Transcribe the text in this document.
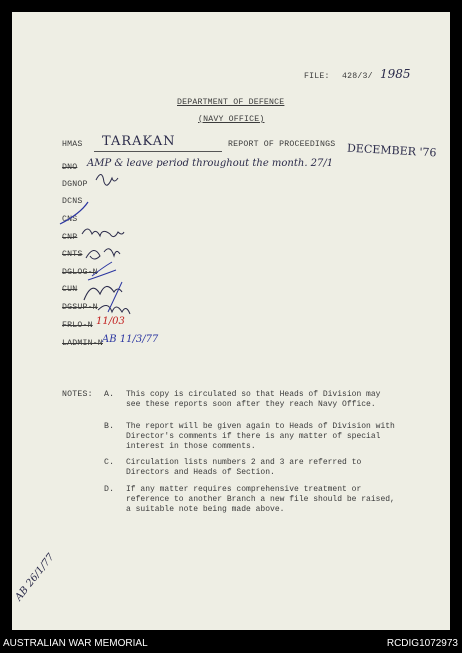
FILE: 428/3/ 1985
DEPARTMENT OF DEFENCE
(NAVY OFFICE)
HMAS TARAKAN	REPORT OF PROCEEDINGS DECEMBER '76
DNO AMP & leave period throughout the month. 27/1
DGNOP
DCNS
CNS
CNP
CNTS
DGLOG-N
CUN
DGSUP-N
FRLO-N 11/03
LADMIN-N AB 11/3/77
NOTES: A. This copy is circulated so that Heads of Division may see these reports soon after they reach Navy Office.
B. The report will be given again to Heads of Division with Director's comments if there is any matter of special interest in those comments.
C. Circulation lists numbers 2 and 3 are referred to Directors and Heads of Section.
D. If any matter requires comprehensive treatment or reference to another Branch a new file should be raised, a suitable note being made above.
AB 26/1/77
AUSTRALIAN WAR MEMORIAL	RCDIG1072973
